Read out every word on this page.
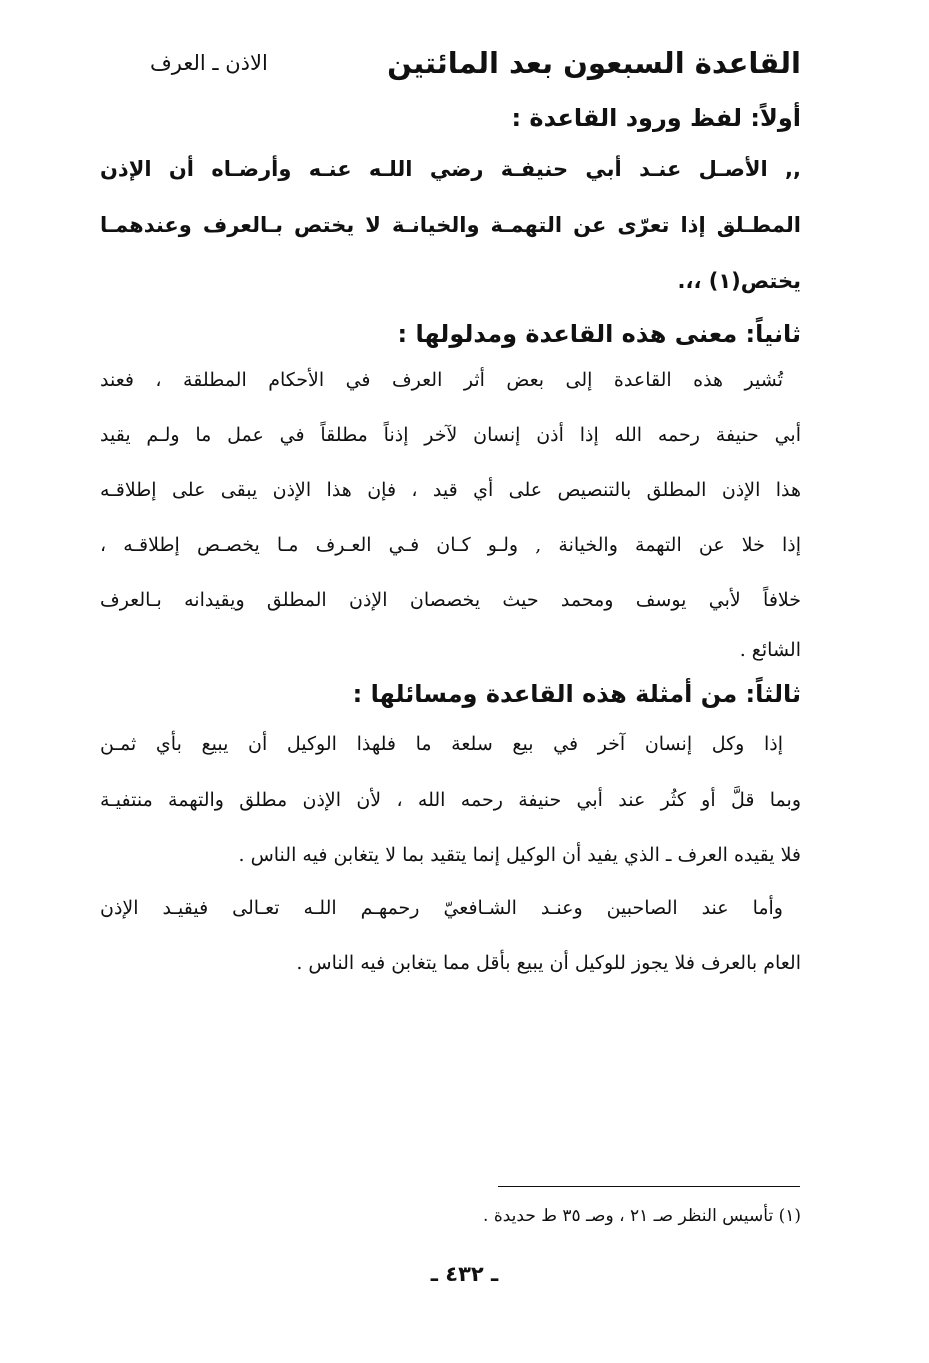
القاعدة السبعون بعد المائتين
الاذن ـ العرف

أولاً: لفظ ورود القاعدة :

,, الأصـل عنـد أبي حنيفـة رضي اللـه عنـه وأرضـاه أن الإذن

المطـلق إذا تعرّى عن التهمـة والخيانـة لا يختص بـالعرف وعندهمـا

يختص(١) ،،.

ثانياً: معنى هذه القاعدة ومدلولها :

تُشير هذه القاعدة إلى بعض أثر العرف في الأحكام المطلقة ، فعند

أبي حنيفة رحمه الله إذا أذن إنسان لآخر إذناً مطلقاً في عمل ما ولـم يقيد

هذا الإذن المطلق بالتنصيص على أي قيد ، فإن هذا الإذن يبقى على إطلاقـه

إذا خلا عن التهمة والخيانة , ولـو كـان فـي العـرف مـا يخصـص إطلاقـه ،

خلافاً لأبي يوسف ومحمد حيث يخصصان الإذن المطلق ويقيدانه بـالعرف

الشائع .

ثالثاً: من أمثلة هذه القاعدة ومسائلها :

إذا وكل إنسان آخر في بيع سلعة ما فلهذا الوكيل أن يبيع بأي ثمـن

وبما قلَّ أو كثُر عند أبي حنيفة رحمه الله ، لأن الإذن مطلق والتهمة منتفيـة

فلا يقيده العرف ـ الذي يفيد أن الوكيل إنما يتقيد بما لا يتغابن فيه الناس .

وأما عند الصاحبين وعنـد الشـافعيّ رحمهـم اللـه تعـالى فيقيـد الإذن

العام بالعرف فلا يجوز للوكيل أن يبيع بأقل مما يتغابن فيه الناس .

(١) تأسيس النظر صـ ٢١ ، وصـ ٣٥ ط حديدة .
ـ ٤٣٢ ـ
